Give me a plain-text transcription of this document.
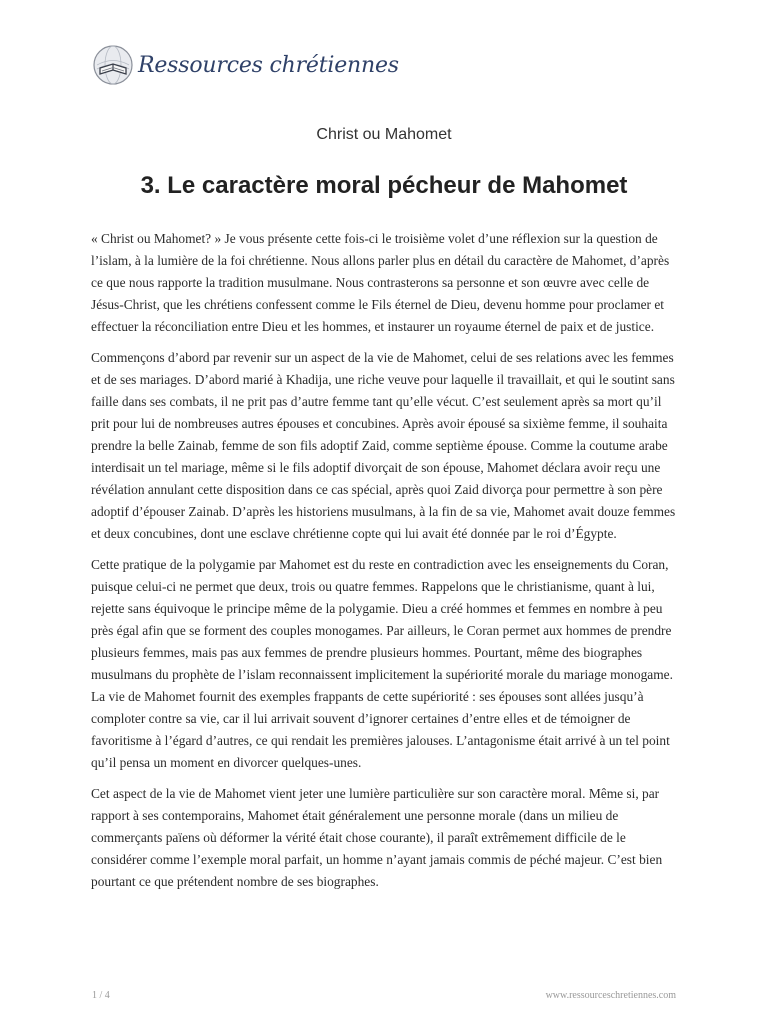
Ressources chrétiennes
Christ ou Mahomet
3. Le caractère moral pécheur de Mahomet

« Christ ou Mahomet? » Je vous présente cette fois-ci le troisième volet d’une réflexion sur la question de l’islam, à la lumière de la foi chrétienne. Nous allons parler plus en détail du caractère de Mahomet, d’après ce que nous rapporte la tradition musulmane. Nous contrasterons sa personne et son œuvre avec celle de Jésus-Christ, que les chrétiens confessent comme le Fils éternel de Dieu, devenu homme pour proclamer et effectuer la réconciliation entre Dieu et les hommes, et instaurer un royaume éternel de paix et de justice.

Commençons d’abord par revenir sur un aspect de la vie de Mahomet, celui de ses relations avec les femmes et de ses mariages. D’abord marié à Khadija, une riche veuve pour laquelle il travaillait, et qui le soutint sans faille dans ses combats, il ne prit pas d’autre femme tant qu’elle vécut. C’est seulement après sa mort qu’il prit pour lui de nombreuses autres épouses et concubines. Après avoir épousé sa sixième femme, il souhaita prendre la belle Zainab, femme de son fils adoptif Zaid, comme septième épouse. Comme la coutume arabe interdisait un tel mariage, même si le fils adoptif divorçait de son épouse, Mahomet déclara avoir reçu une révélation annulant cette disposition dans ce cas spécial, après quoi Zaid divorça pour permettre à son père adoptif d’épouser Zainab. D’après les historiens musulmans, à la fin de sa vie, Mahomet avait douze femmes et deux concubines, dont une esclave chrétienne copte qui lui avait été donnée par le roi d’Égypte.

Cette pratique de la polygamie par Mahomet est du reste en contradiction avec les enseignements du Coran, puisque celui-ci ne permet que deux, trois ou quatre femmes. Rappelons que le christianisme, quant à lui, rejette sans équivoque le principe même de la polygamie. Dieu a créé hommes et femmes en nombre à peu près égal afin que se forment des couples monogames. Par ailleurs, le Coran permet aux hommes de prendre plusieurs femmes, mais pas aux femmes de prendre plusieurs hommes. Pourtant, même des biographes musulmans du prophète de l’islam reconnaissent implicitement la supériorité morale du mariage monogame. La vie de Mahomet fournit des exemples frappants de cette supériorité : ses épouses sont allées jusqu’à comploter contre sa vie, car il lui arrivait souvent d’ignorer certaines d’entre elles et de témoigner de favoritisme à l’égard d’autres, ce qui rendait les premières jalouses. L’antagonisme était arrivé à un tel point qu’il pensa un moment en divorcer quelques-unes.

Cet aspect de la vie de Mahomet vient jeter une lumière particulière sur son caractère moral. Même si, par rapport à ses contemporains, Mahomet était généralement une personne morale (dans un milieu de commerçants païens où déformer la vérité était chose courante), il paraît extrêmement difficile de le considérer comme l’exemple moral parfait, un homme n’ayant jamais commis de péché majeur. C’est bien pourtant ce que prétendent nombre de ses biographes.

1 / 4	www.ressourceschretiennes.com
